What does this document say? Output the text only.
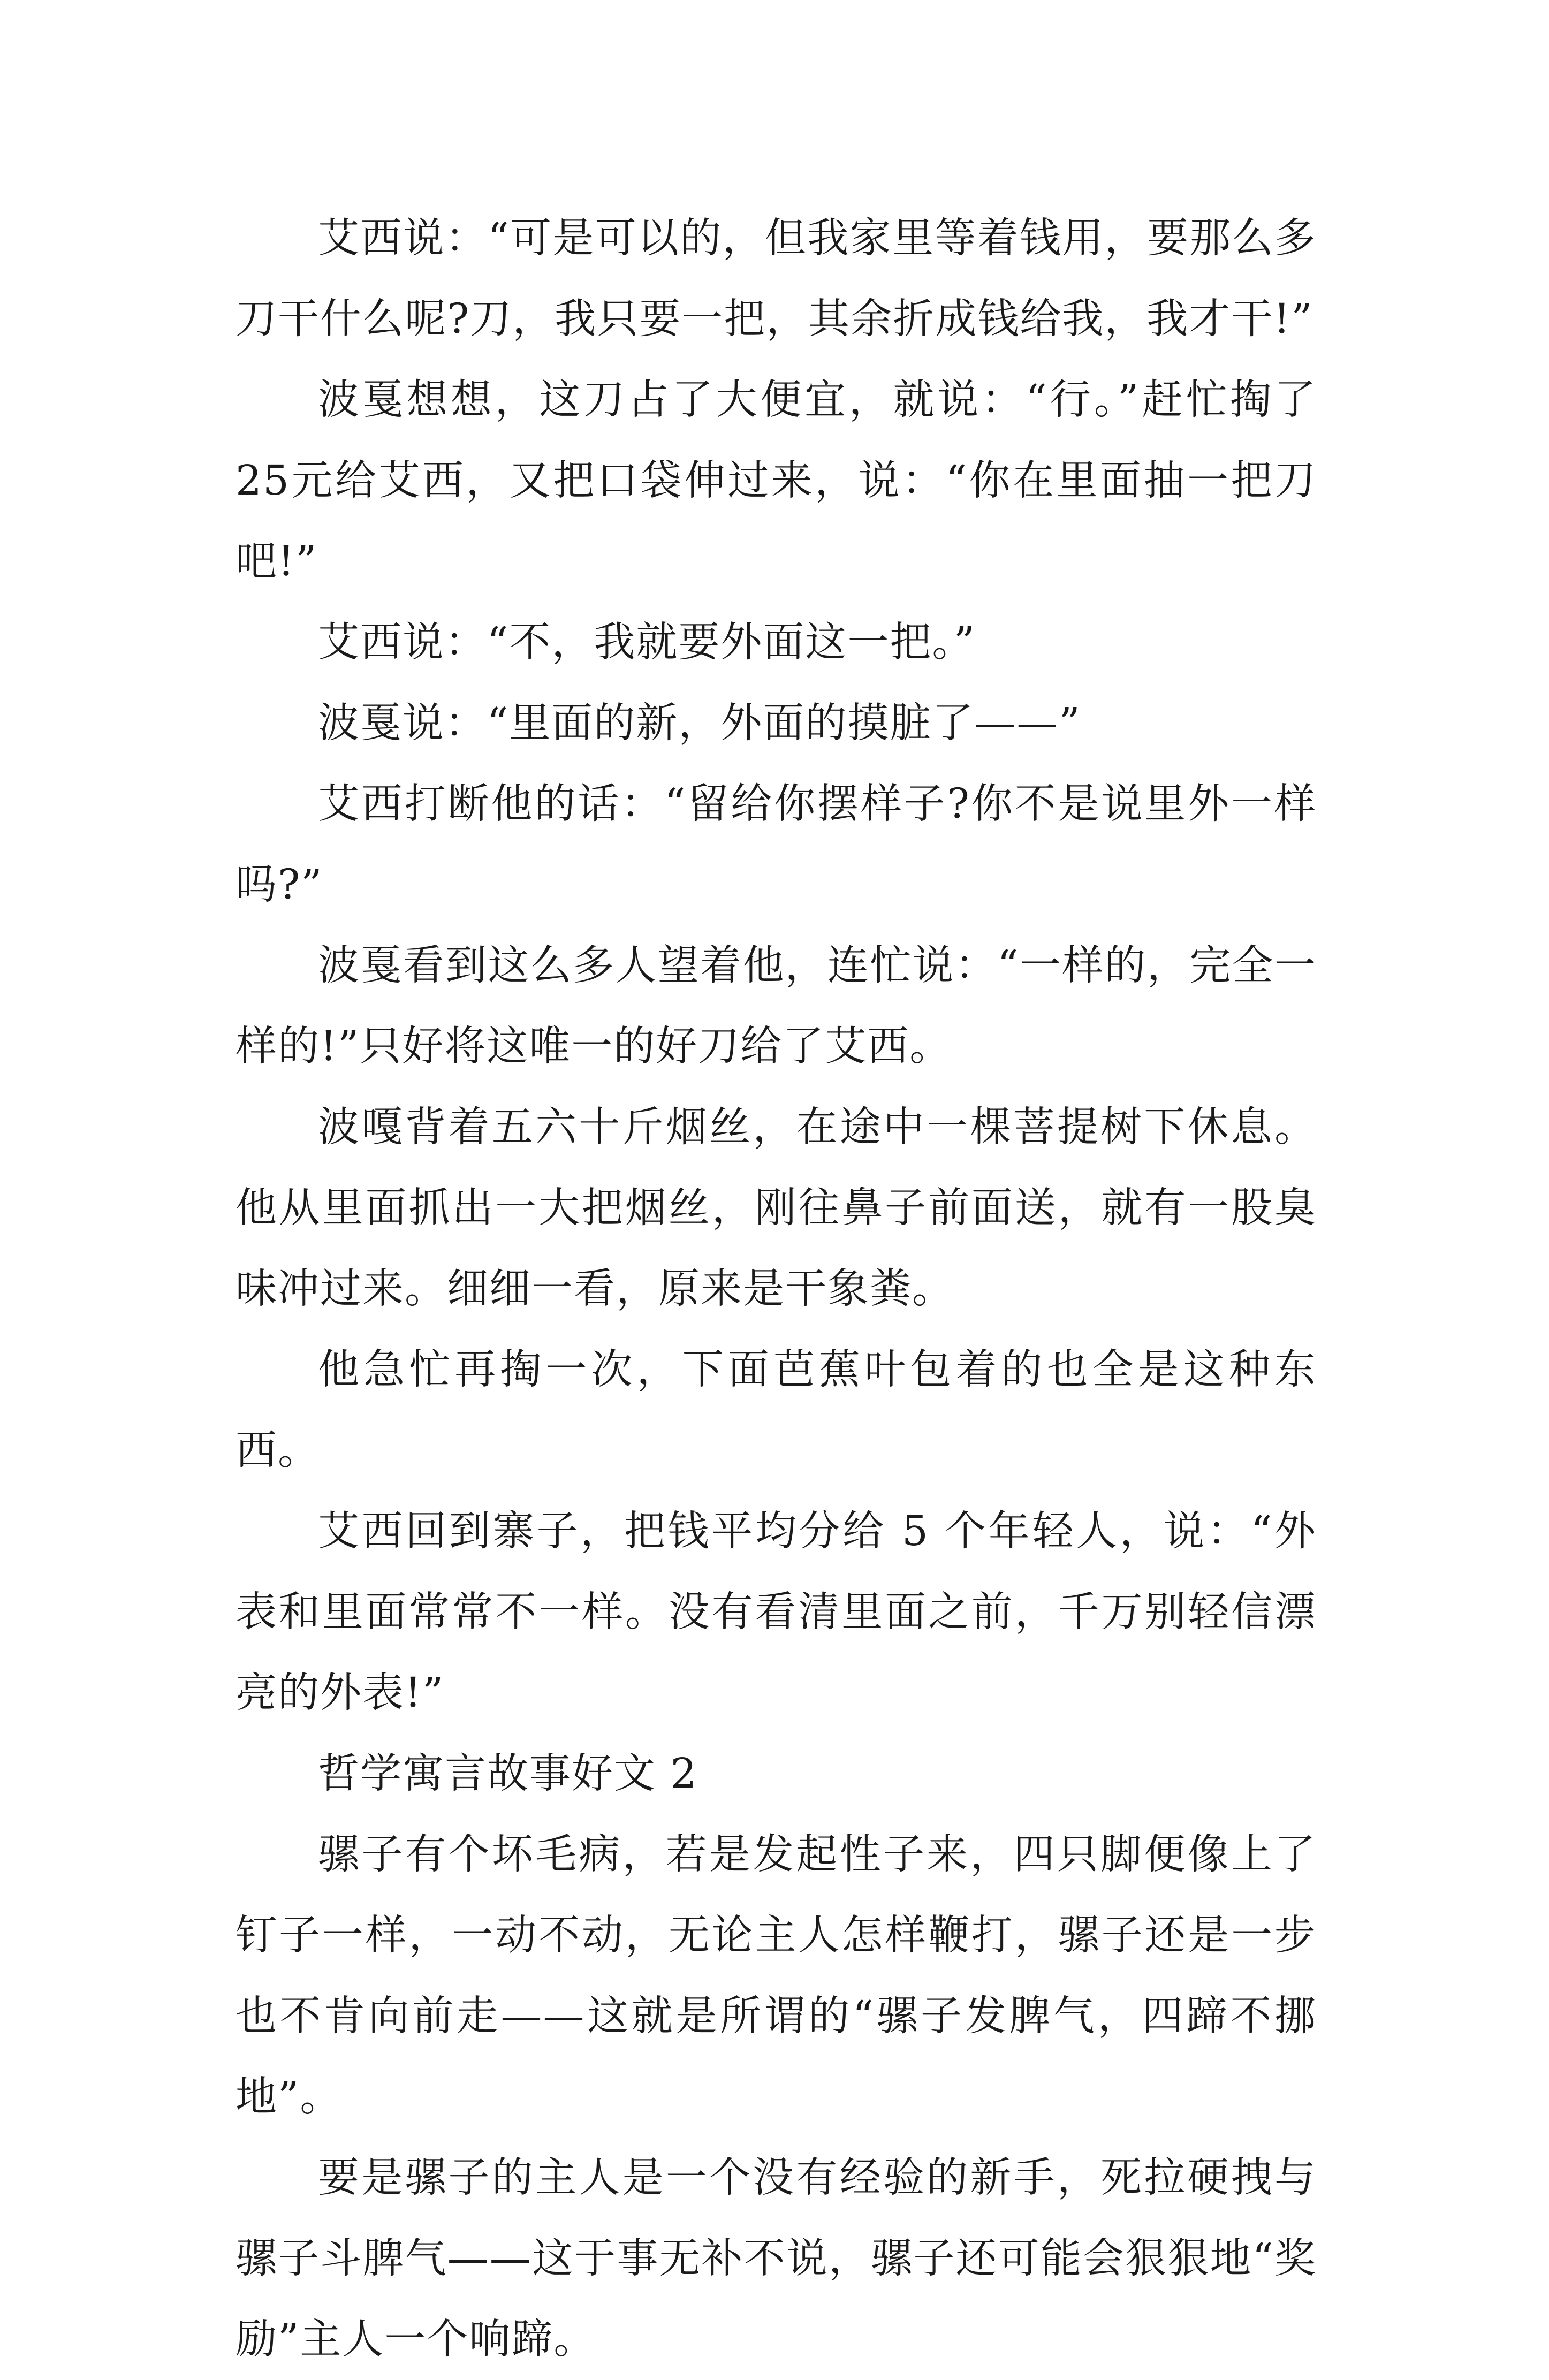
艾西说：“可是可以的，但我家里等着钱用，要那么多刀干什么呢?刀，我只要一把，其余折成钱给我，我才干!”

波戛想想，这刀占了大便宜，就说：“行。”赶忙掏了25元给艾西，又把口袋伸过来，说：“你在里面抽一把刀吧!”

艾西说：“不，我就要外面这一把。”

波戛说：“里面的新，外面的摸脏了——”

艾西打断他的话：“留给你摆样子?你不是说里外一样吗?”

波戛看到这么多人望着他，连忙说：“一样的，完全一样的!”只好将这唯一的好刀给了艾西。

波嘎背着五六十斤烟丝，在途中一棵菩提树下休息。他从里面抓出一大把烟丝，刚往鼻子前面送，就有一股臭味冲过来。细细一看，原来是干象粪。

他急忙再掏一次，下面芭蕉叶包着的也全是这种东西。

艾西回到寨子，把钱平均分给 5 个年轻人，说：“外表和里面常常不一样。没有看清里面之前，千万别轻信漂亮的外表!”

哲学寓言故事好文 2

骡子有个坏毛病，若是发起性子来，四只脚便像上了钉子一样，一动不动，无论主人怎样鞭打，骡子还是一步也不肯向前走——这就是所谓的“骡子发脾气，四蹄不挪地”。

要是骡子的主人是一个没有经验的新手，死拉硬拽与骡子斗脾气——这于事无补不说，骡子还可能会狠狠地“奖励”主人一个响蹄。
